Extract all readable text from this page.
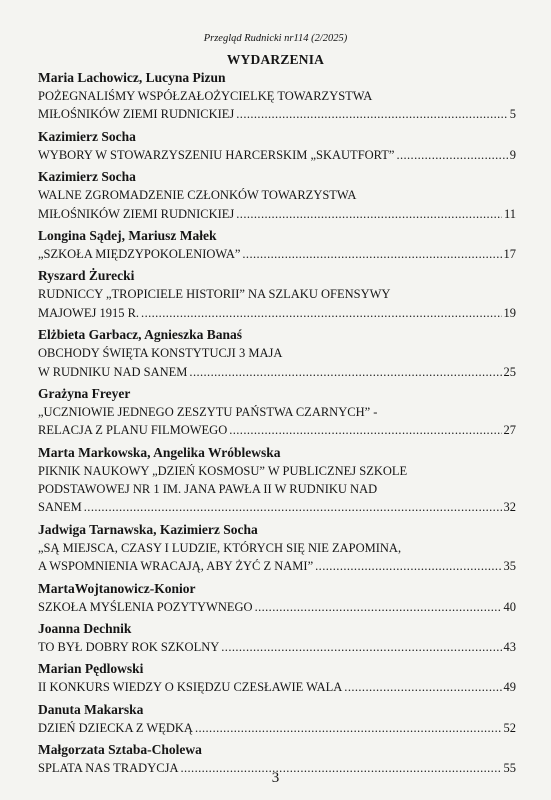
Przegląd Rudnicki nr114 (2/2025)
WYDARZENIA
Maria Lachowicz, Lucyna Pizun
POŻEGNALIŚMY WSPÓŁZAŁOŻYCIELKĘ TOWARZYSTWA
MIŁOŚNIKÓW ZIEMI RUDNICKIEJ .....	5
Kazimierz Socha
WYBORY W STOWARZYSZENIU HARCERSKIM „SKAUTFORT” .....	9
Kazimierz Socha
WALNE ZGROMADZENIE CZŁONKÓW TOWARZYSTWA
MIŁOŚNIKÓW ZIEMI RUDNICKIEJ .....	11
Longina Sądej, Mariusz Małek
„SZKOŁA MIĘDZYPOKOLENIOWA” .....	17
Ryszard Żurecki
RUDNICCY „TROPICIELE HISTORII” NA SZLAKU OFENSYWY
MAJOWEJ 1915 R. .....	19
Elżbieta Garbacz, Agnieszka Banaś
OBCHODY ŚWIĘTA KONSTYTUCJI 3 MAJA
W RUDNIKU NAD SANEM .....	25
Grażyna Freyer
„UCZNIOWIE JEDNEGO ZESZYTU PAŃSTWA CZARNYCH” -
RELACJA Z PLANU FILMOWEGO .....	27
Marta Markowska, Angelika Wróblewska
PIKNIK NAUKOWY „DZIEŃ KOSMOSU” W PUBLICZNEJ SZKOLE
PODSTAWOWEJ NR 1 IM. JANA PAWŁA II W RUDNIKU NAD
SANEM .....	32
Jadwiga Tarnawska, Kazimierz Socha
„SĄ MIEJSCA, CZASY I LUDZIE, KTÓRYCH SIĘ NIE ZAPOMINA,
A WSPOMNIENIA WRACAJĄ, ABY ŻYĆ Z NAMI” .....	35
MartaWojtanowicz-Konior
SZKOŁA MYŚLENIA POZYTYWNEGO .....	40
Joanna Dechnik
TO BYŁ DOBRY ROK SZKOLNY .....	43
Marian Pędlowski
II KONKURS WIEDZY O KSIĘDZU CZESŁAWIE WALA .....	49
Danuta Makarska
DZIEŃ DZIECKA Z WĘDKĄ .....	52
Małgorzata Sztaba-Cholewa
SPLATA NAS TRADYCJA .....	55
3
